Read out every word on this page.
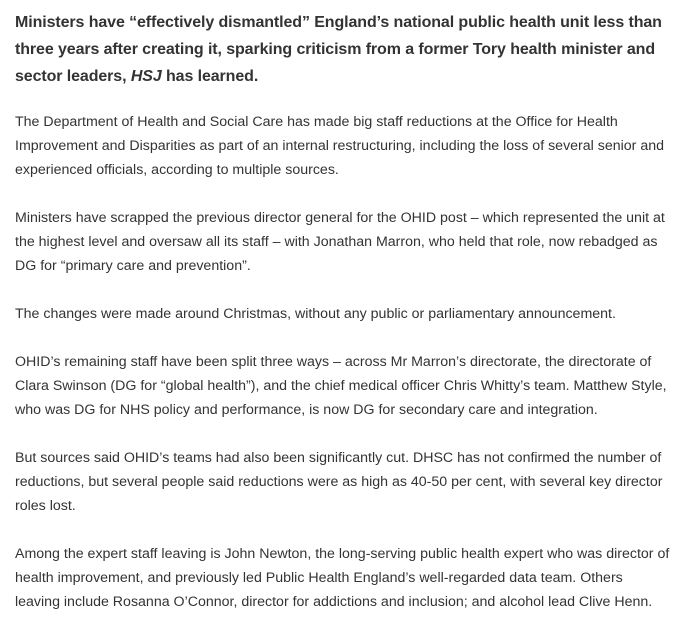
Ministers have “effectively dismantled” England’s national public health unit less than three years after creating it, sparking criticism from a former Tory health minister and sector leaders, HSJ has learned.

The Department of Health and Social Care has made big staff reductions at the Office for Health Improvement and Disparities as part of an internal restructuring, including the loss of several senior and experienced officials, according to multiple sources.

Ministers have scrapped the previous director general for the OHID post – which represented the unit at the highest level and oversaw all its staff – with Jonathan Marron, who held that role, now rebadged as DG for “primary care and prevention”.

The changes were made around Christmas, without any public or parliamentary announcement.

OHID’s remaining staff have been split three ways – across Mr Marron’s directorate, the directorate of Clara Swinson (DG for “global health”), and the chief medical officer Chris Whitty’s team. Matthew Style, who was DG for NHS policy and performance, is now DG for secondary care and integration.

But sources said OHID’s teams had also been significantly cut. DHSC has not confirmed the number of reductions, but several people said reductions were as high as 40-50 per cent, with several key director roles lost.

Among the expert staff leaving is John Newton, the long-serving public health expert who was director of health improvement, and previously led Public Health England’s well-regarded data team. Others leaving include Rosanna O’Connor, director for addictions and inclusion; and alcohol lead Clive Henn.
